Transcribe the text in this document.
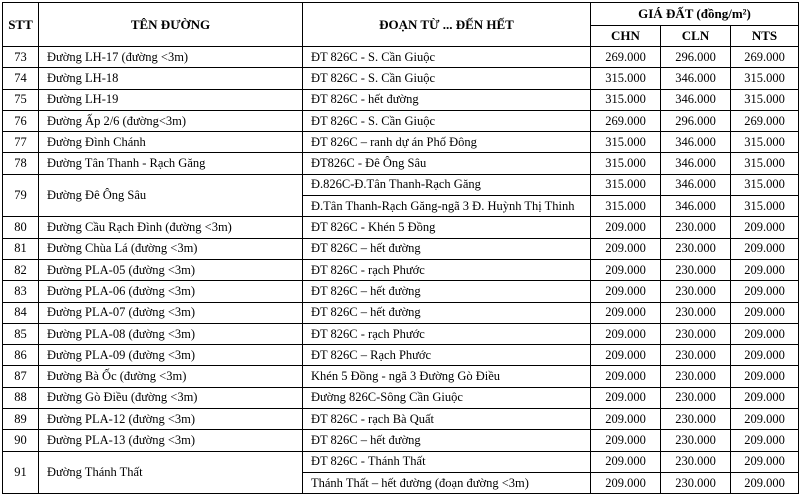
STT	TÊN ĐƯỜNG	ĐOẠN TỪ ... ĐẾN HẾT	GIÁ ĐẤT (đồng/m²)		
			CHN	CLN	NTS
73	Đường LH-17 (đường <3m)	ĐT 826C - S. Cần Giuộc	269.000	296.000	269.000
74	Đường LH-18	ĐT 826C - S. Cần Giuộc	315.000	346.000	315.000
75	Đường LH-19	ĐT 826C - hết đường	315.000	346.000	315.000
76	Đường Ấp 2/6 (đường<3m)	ĐT 826C - S. Cần Giuộc	269.000	296.000	269.000
77	Đường Đình Chánh	ĐT 826C – ranh dự án Phố Đông	315.000	346.000	315.000
78	Đường Tân Thanh - Rạch Găng	ĐT826C - Đê Ông Sâu	315.000	346.000	315.000
79	Đường Đê Ông Sâu	Đ.826C-Đ.Tân Thanh-Rạch Găng	315.000	346.000	315.000
		Đ.Tân Thanh-Rạch Găng-ngã 3 Đ. Huỳnh Thị Thinh	315.000	346.000	315.000
80	Đường Cầu Rạch Đình (đường <3m)	ĐT 826C - Khén 5 Đồng	209.000	230.000	209.000
81	Đường Chùa Lá (đường <3m)	ĐT 826C – hết đường	209.000	230.000	209.000
82	Đường PLA-05 (đường <3m)	ĐT 826C - rạch Phước	209.000	230.000	209.000
83	Đường PLA-06 (đường <3m)	ĐT 826C – hết đường	209.000	230.000	209.000
84	Đường PLA-07 (đường <3m)	ĐT 826C – hết đường	209.000	230.000	209.000
85	Đường PLA-08 (đường <3m)	ĐT 826C - rạch Phước	209.000	230.000	209.000
86	Đường PLA-09 (đường <3m)	ĐT 826C – Rạch Phước	209.000	230.000	209.000
87	Đường Bà Ốc (đường <3m)	Khén 5 Đồng - ngã 3 Đường Gò Điều	209.000	230.000	209.000
88	Đường Gò Điều (đường <3m)	Đường 826C-Sông Cần Giuộc	209.000	230.000	209.000
89	Đường PLA-12 (đường <3m)	ĐT 826C - rạch Bà Quất	209.000	230.000	209.000
90	Đường PLA-13 (đường <3m)	ĐT 826C – hết đường	209.000	230.000	209.000
91	Đường Thánh Thất	ĐT 826C - Thánh Thất	209.000	230.000	209.000
		Thánh Thất – hết đường (đoạn đường <3m)	209.000	230.000	209.000
